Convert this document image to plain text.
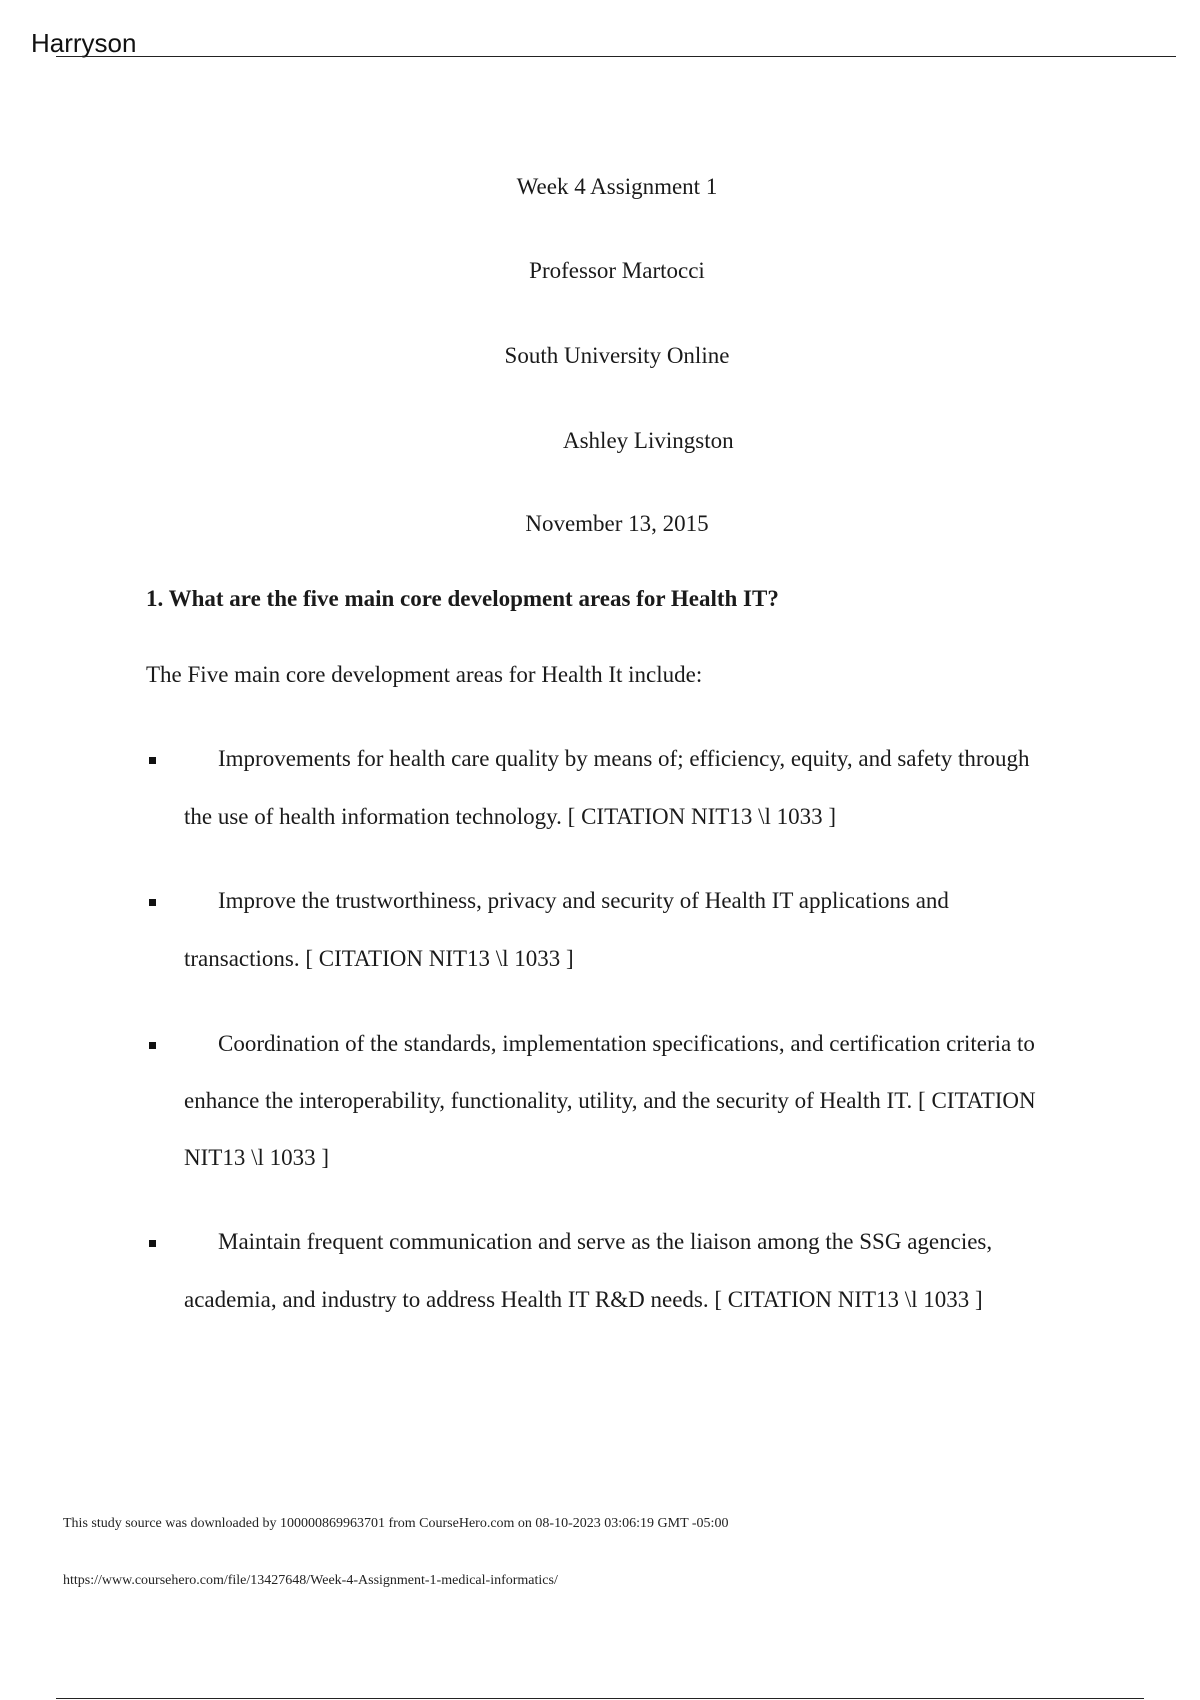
Harryson
Week 4 Assignment 1
Professor Martocci
South University Online
Ashley Livingston
November 13, 2015
1. What are the five main core development areas for Health IT?
The Five main core development areas for Health It include:
Improvements for health care quality by means of; efficiency, equity, and safety through
the use of health information technology. [ CITATION NIT13 \l 1033 ]
Improve the trustworthiness, privacy and security of Health IT applications and
transactions. [ CITATION NIT13 \l 1033 ]
Coordination of the standards, implementation specifications, and certification criteria to
enhance the interoperability, functionality, utility, and the security of Health IT. [ CITATION
NIT13 \l 1033 ]
Maintain frequent communication and serve as the liaison among the SSG agencies,
academia, and industry to address Health IT R&D needs. [ CITATION NIT13 \l 1033 ]
This study source was downloaded by 100000869963701 from CourseHero.com on 08-10-2023 03:06:19 GMT -05:00
https://www.coursehero.com/file/13427648/Week-4-Assignment-1-medical-informatics/
